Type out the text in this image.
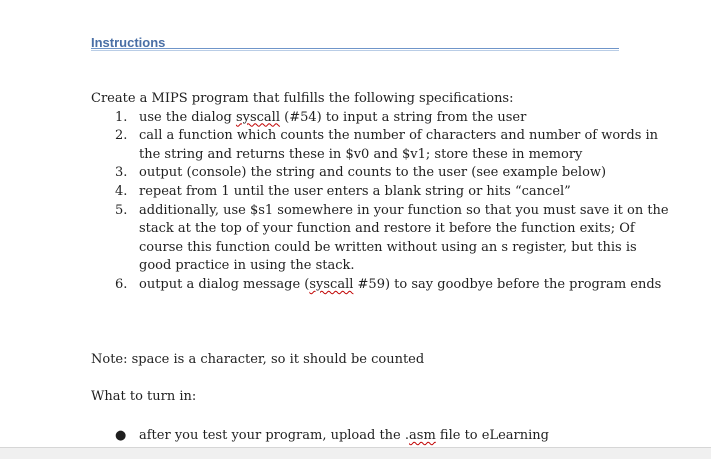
Instructions

Create a MIPS program that fulfills the following specifications:

1. use the dialog syscall (#54) to input a string from the user
2. call a function which counts the number of characters and number of words in the string and returns these in $v0 and $v1; store these in memory
3. output (console) the string and counts to the user (see example below)
4. repeat from 1 until the user enters a blank string or hits “cancel”
5. additionally, use $s1 somewhere in your function so that you must save it on the stack at the top of your function and restore it before the function exits; Of course this function could be written without using an s register, but this is good practice in using the stack.
6. output a dialog message (syscall #59) to say goodbye before the program ends

Note: space is a character, so it should be counted

What to turn in:

● after you test your program, upload the .asm file to eLearning
